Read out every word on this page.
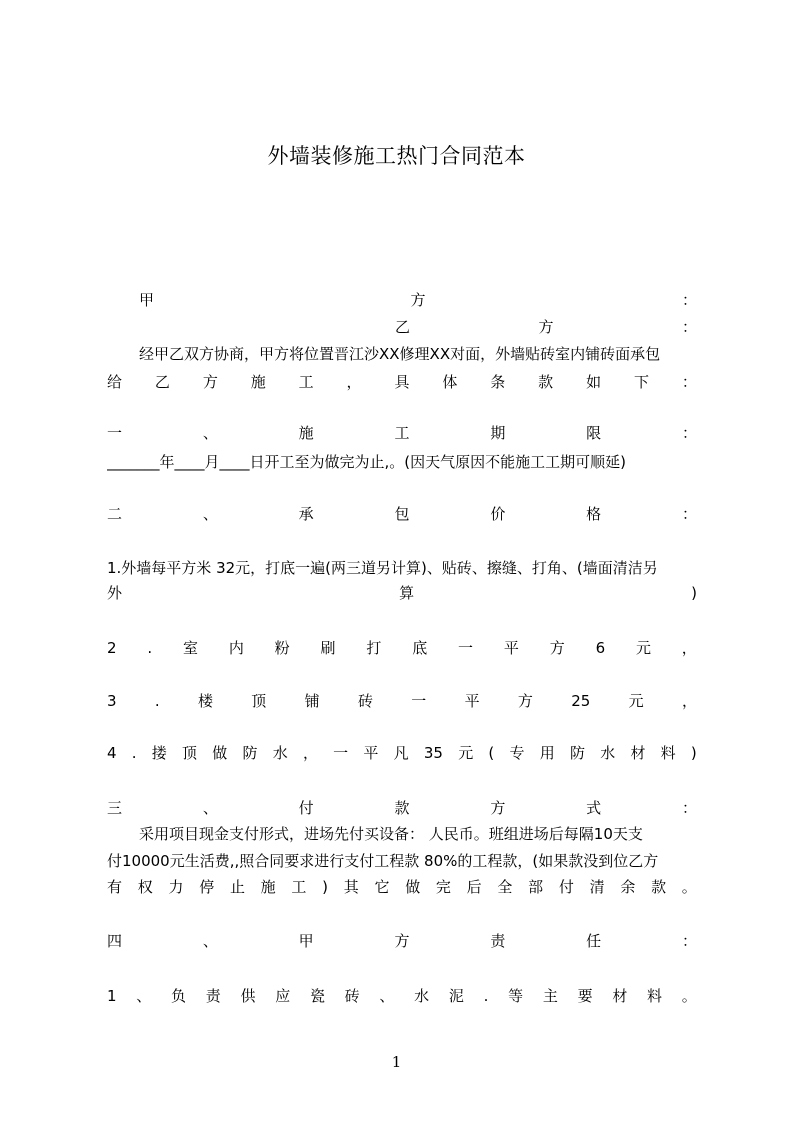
外墙装修施工热门合同范本
甲	方	：
乙	方	：
经甲乙双方协商，甲方将位置晋江沙XX修理XX对面，外墙贴砖室内铺砖面承包
给 乙 方 施 工 ， 具 体 条 款 如 下 ：
一	、	施	工	期	限	：
_______年____月____日开工至为做完为止,。(因天气原因不能施工工期可顺延)
二	、	承	包	价	格	：
1.外墙每平方米 32元，打底一遍(两三道另计算)、贴砖、擦缝、打角、(墙面清洁另
外	算	)
2 . 室 内 粉 刷 打 底 一 平 方 6 元 ，
3	.	楼	顶	铺	砖	一	平	方	25	元	，
4 . 搂 顶 做 防 水 ， 一 平 凡 35 元 ( 专 用 防 水 材 料 )
三	、	付	款	方	式	：
采用项目现金支付形式，进场先付买设备： 人民币。班组进场后每隔10天支
付10000元生活费,,照合同要求进行支付工程款 80%的工程款，(如果款没到位乙方
有 权 力 停 止 施 工 ) 其 它 做 完 后 全 部 付 清 余 款 。
四	、	甲	方	责	任	：
1 、 负 责 供 应 瓷 砖 、 水 泥 . 等 主 要 材 料 。
1
